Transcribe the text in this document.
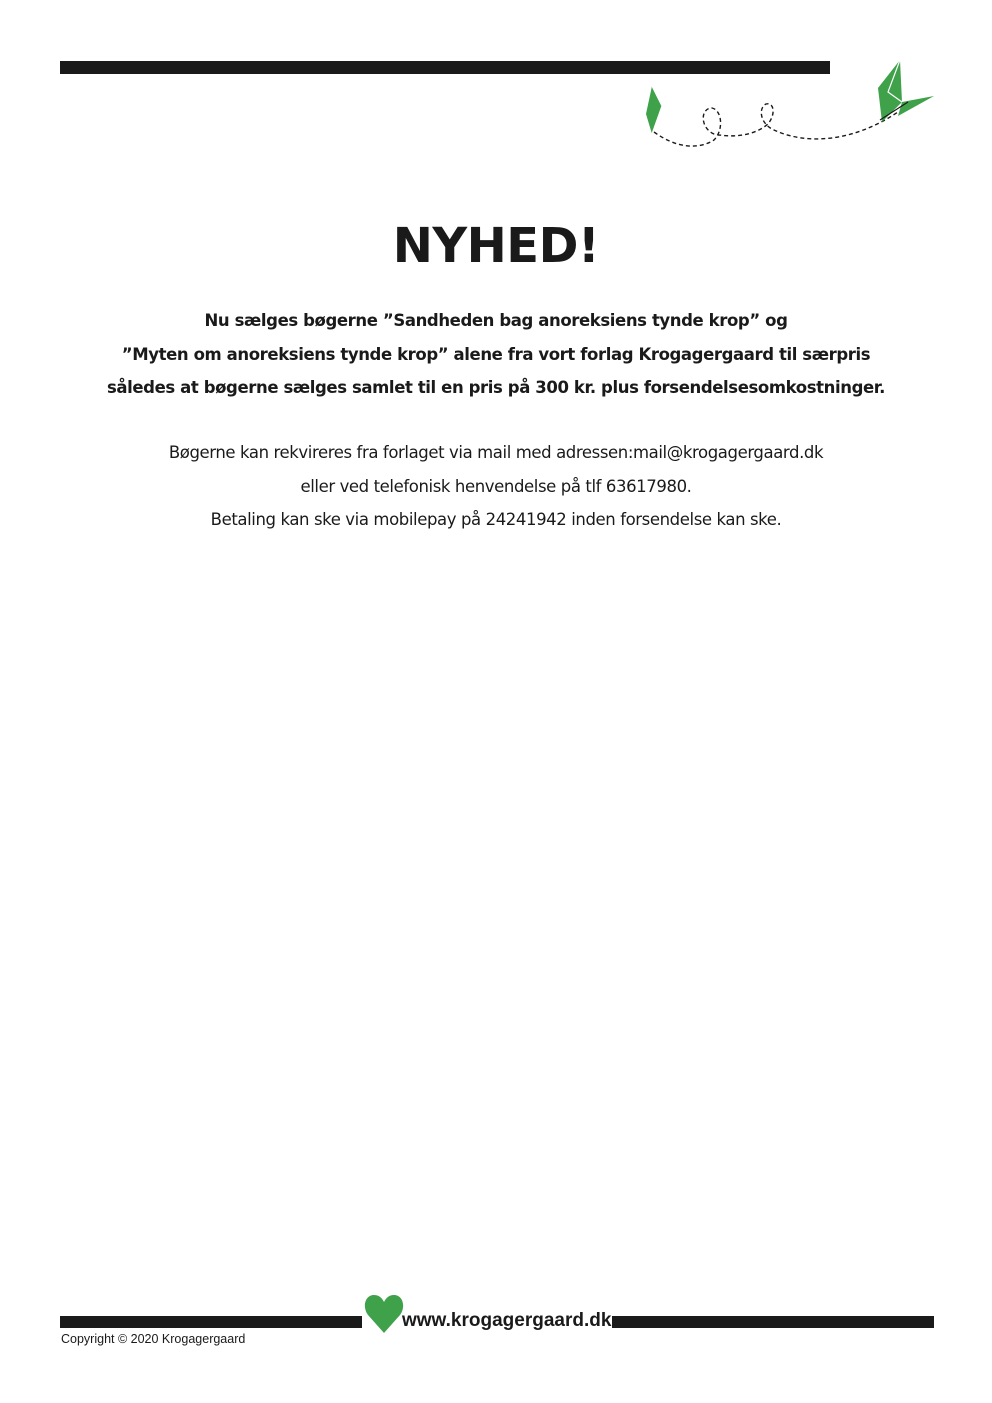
NYHED!
Nu sælges bøgerne ”Sandheden bag anoreksiens tynde krop” og
”Myten om anoreksiens tynde krop” alene fra vort forlag Krogagergaard til særpris
således at bøgerne sælges samlet til en pris på 300 kr. plus forsendelsesomkostninger.
Bøgerne kan rekvireres fra forlaget via mail med adressen:mail@krogagergaard.dk
eller ved telefonisk henvendelse på tlf 63617980.
Betaling kan ske via mobilepay på 24241942 inden forsendelse kan ske.
www.krogagergaard.dk
Copyright © 2020 Krogagergaard
